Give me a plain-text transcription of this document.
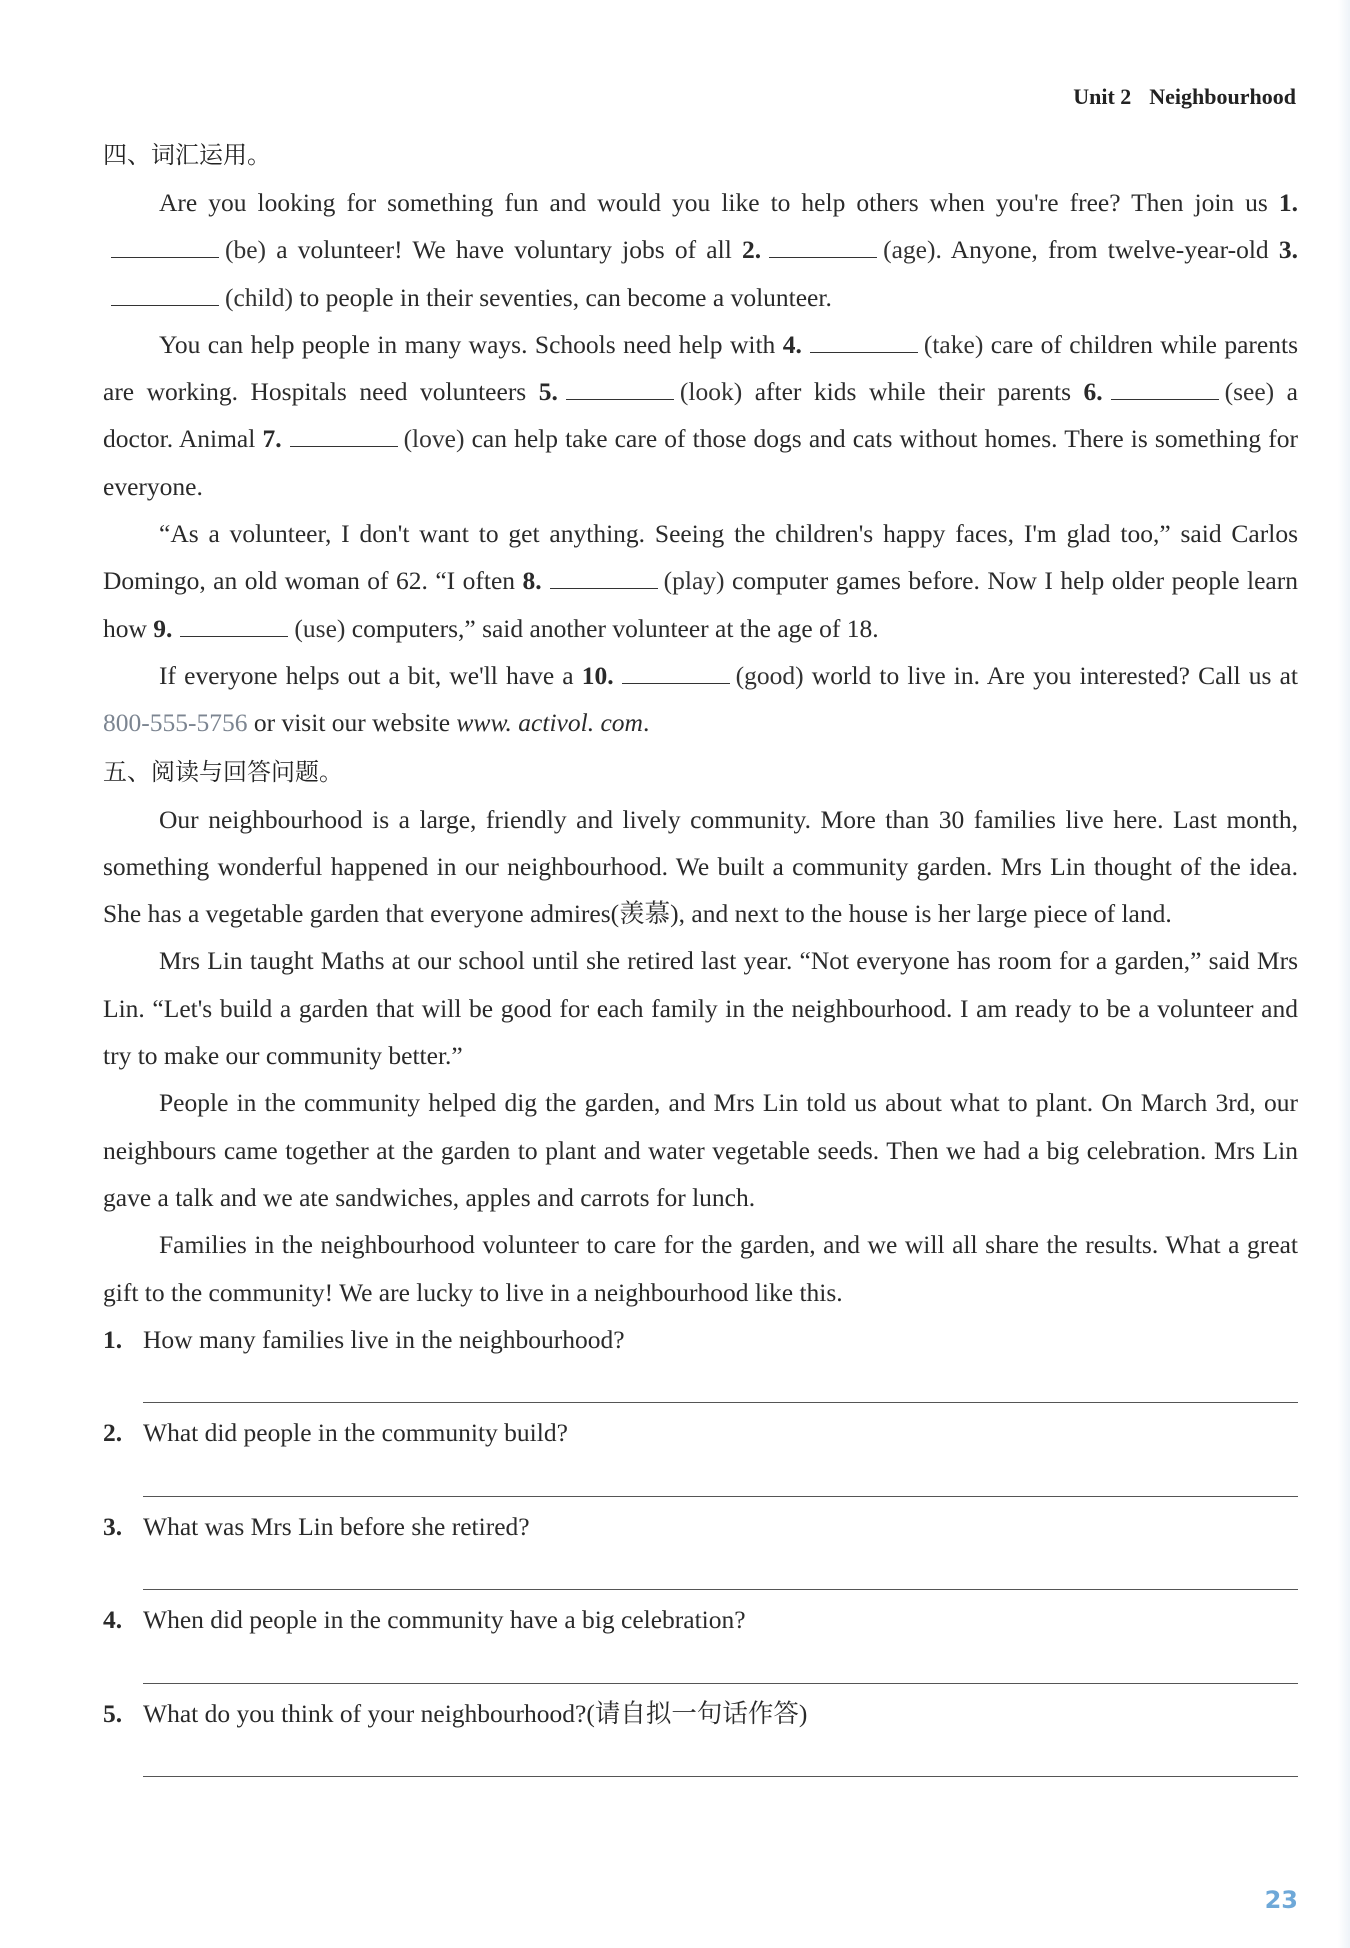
Unit 2 Neighbourhood
四、词汇运用。

Are you looking for something fun and would you like to help others when you're free? Then join us 1.(be) a volunteer! We have voluntary jobs of all 2.	(age). Anyone, from twelve-year-old 3.(child) to people in their seventies, can become a volunteer.

You can help people in many ways. Schools need help with 4.	(take) care of children while parents are working. Hospitals need volunteers 5.	(look) after kids while their parents 6.	(see) a doctor. Animal 7.	(love) can help take care of those dogs and cats without homes. There is something for everyone.

“As a volunteer, I don't want to get anything. Seeing the children's happy faces, I'm glad too,” said Carlos Domingo, an old woman of 62. “I often 8.	(play) computer games before. Now I help older people learn how 9.	(use) computers,” said another volunteer at the age of 18.

If everyone helps out a bit, we'll have a 10.	(good) world to live in. Are you interested? Call us at 800-555-5756 or visit our website www. activol. com.

五、阅读与回答问题。

Our neighbourhood is a large, friendly and lively community. More than 30 families live here. Last month, something wonderful happened in our neighbourhood. We built a community garden. Mrs Lin thought of the idea. She has a vegetable garden that everyone admires(羡慕), and next to the house is her large piece of land.

Mrs Lin taught Maths at our school until she retired last year. “Not everyone has room for a garden,” said Mrs Lin. “Let's build a garden that will be good for each family in the neighbourhood. I am ready to be a volunteer and try to make our community better.”

People in the community helped dig the garden, and Mrs Lin told us about what to plant. On March 3rd, our neighbours came together at the garden to plant and water vegetable seeds. Then we had a big celebration. Mrs Lin gave a talk and we ate sandwiches, apples and carrots for lunch.

Families in the neighbourhood volunteer to care for the garden, and we will all share the results. What a great gift to the community! We are lucky to live in a neighbourhood like this.

1. How many families live in the neighbourhood?

2. What did people in the community build?

3. What was Mrs Lin before she retired?

4. When did people in the community have a big celebration?

5. What do you think of your neighbourhood?(请自拟一句话作答)

23
